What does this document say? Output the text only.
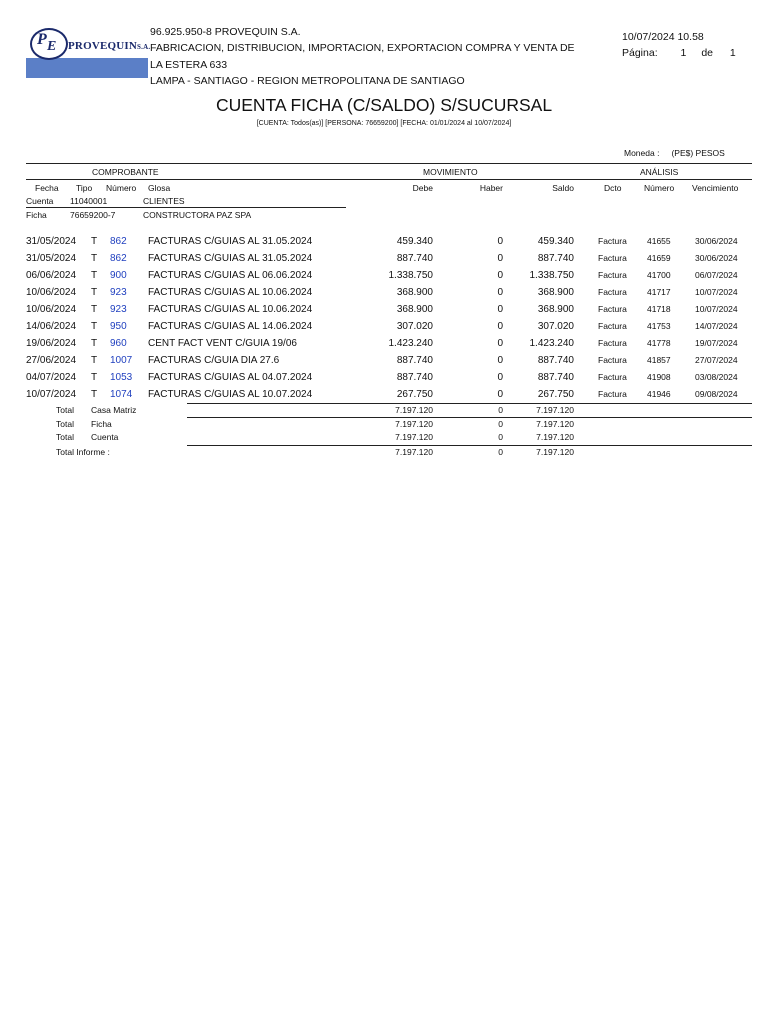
P E PROVEQUINS.A.
96.925.950-8 PROVEQUIN S.A.
FABRICACION, DISTRIBUCION, IMPORTACION, EXPORTACION COMPRA Y VENTA DE
LA ESTERA 633
LAMPA - SANTIAGO - REGION METROPOLITANA DE SANTIAGO
10/07/2024 10.58
Página: 1 de 1
CUENTA FICHA (C/SALDO) S/SUCURSAL
[CUENTA: Todos(as)] [PERSONA: 76659200] [FECHA: 01/01/2024 al 10/07/2024]
Moneda : (PE$) PESOS
COMPROBANTE	MOVIMIENTO	ANÁLISIS
Fecha Tipo Número Glosa	Debe	Haber	Saldo	Dcto	Número Vencimiento
Cuenta 11040001	CLIENTES
Ficha	76659200-7	CONSTRUCTORA PAZ SPA
31/05/2024 T 862 FACTURAS C/GUIAS AL 31.05.2024	459.340	0	459.340	Factura 41655	30/06/2024
31/05/2024 T 862 FACTURAS C/GUIAS AL 31.05.2024	887.740	0	887.740	Factura 41659	30/06/2024
06/06/2024 T 900 FACTURAS C/GUIAS AL 06.06.2024	1.338.750	0	1.338.750	Factura 41700	06/07/2024
10/06/2024 T 923 FACTURAS C/GUIAS AL 10.06.2024	368.900	0	368.900	Factura 41717	10/07/2024
10/06/2024 T 923 FACTURAS C/GUIAS AL 10.06.2024	368.900	0	368.900	Factura 41718	10/07/2024
14/06/2024 T 950 FACTURAS C/GUIAS AL 14.06.2024	307.020	0	307.020	Factura 41753	14/07/2024
19/06/2024 T 960 CENT FACT VENT C/GUIA 19/06	1.423.240	0	1.423.240	Factura 41778	19/07/2024
27/06/2024 T 1007 FACTURAS C/GUIA DIA 27.6	887.740	0	887.740	Factura 41857	27/07/2024
04/07/2024 T 1053 FACTURAS C/GUIAS AL 04.07.2024	887.740	0	887.740	Factura 41908	03/08/2024
10/07/2024 T 1074 FACTURAS C/GUIAS AL 10.07.2024	267.750	0	267.750	Factura 41946	09/08/2024
Total Casa Matriz	7.197.120	0	7.197.120
Total Ficha	7.197.120	0	7.197.120
Total Cuenta	7.197.120	0	7.197.120
Total Informe :	7.197.120	0	7.197.120
